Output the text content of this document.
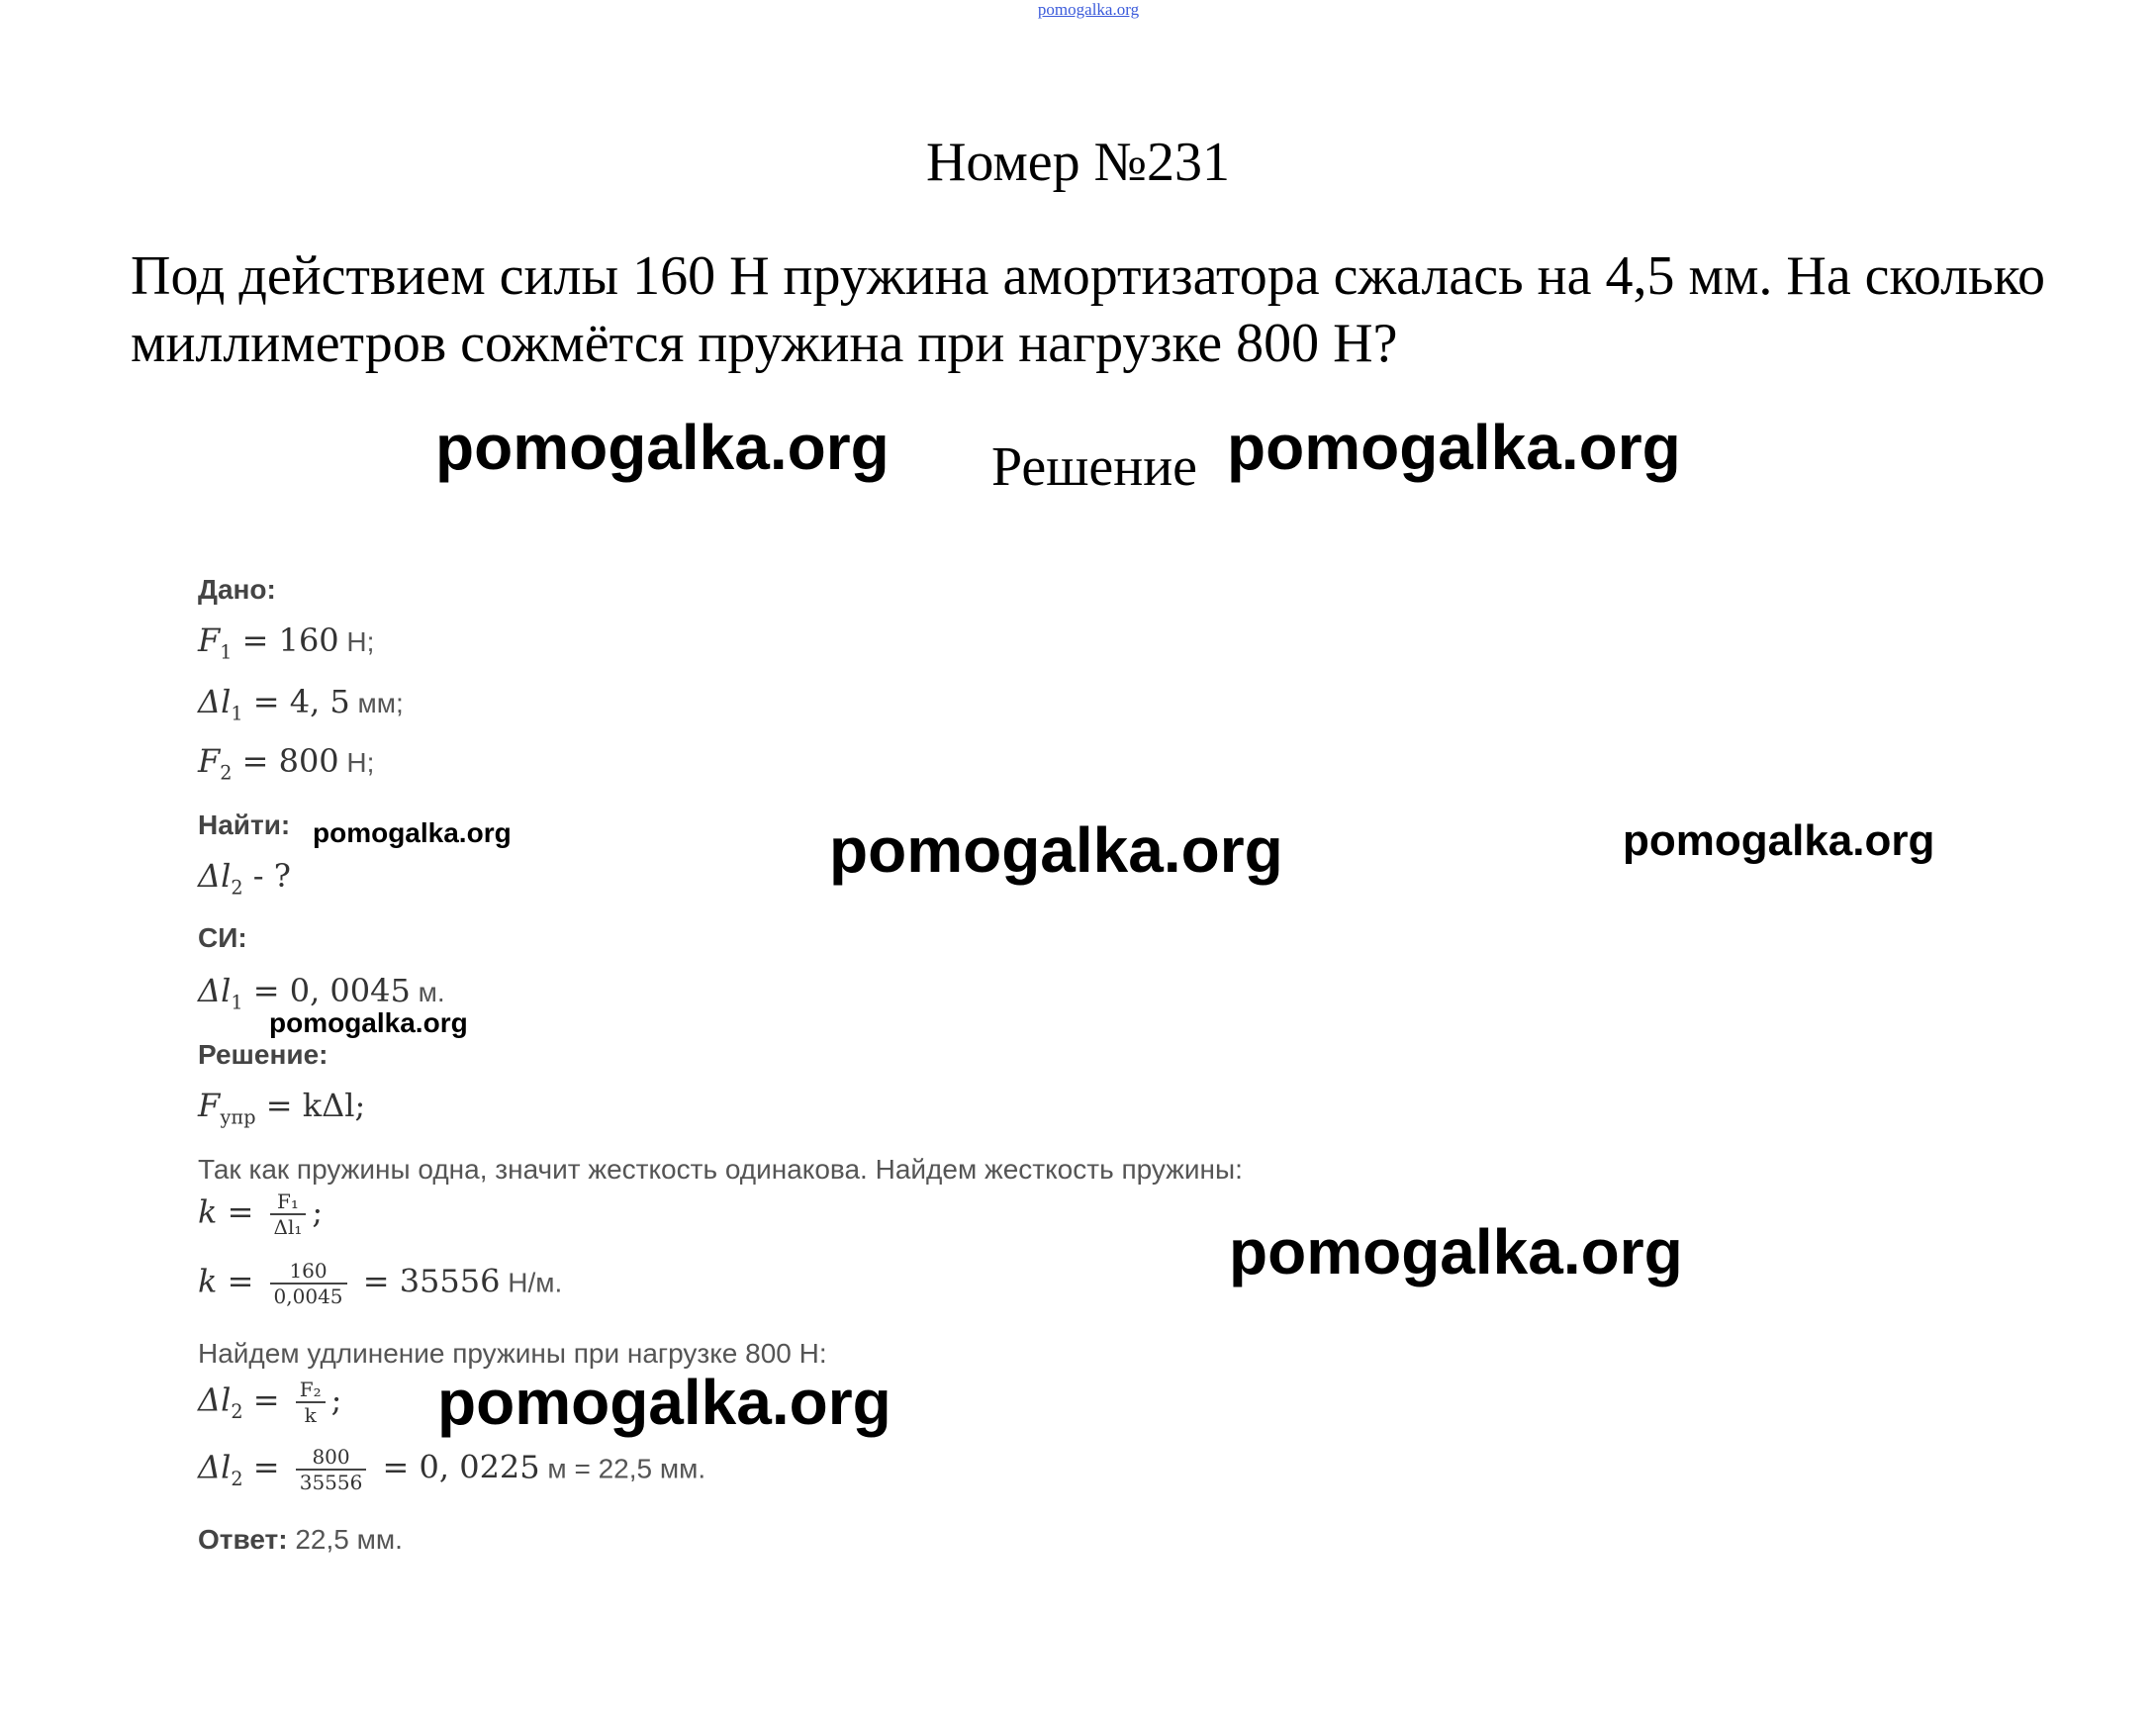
pomogalka.org
Номер №231
Под действием силы 160 Н пружина амортизатора сжалась на 4,5 мм. На сколько миллиметров сожмётся пружина при нагрузке 800 Н?
Решение
pomogalka.org	pomogalka.org
pomogalka.org	pomogalka.org
pomogalka.org
pomogalka.org
pomogalka.org
pomogalka.org
Дано:
$F_1 = 160$ Н;
$\Delta l_1 = 4$, 5 мм;
$F_2 = 800$ Н;
Найти:
$\Delta l_2$ - ?
СИ:
$\Delta l_1 = 0$, 0045 м.
Решение:
$F_{упр} = k\Delta l$;
Так как пружины одна, значит жесткость одинакова. Найдем жесткость пружины:
$k = \frac{\text{F₁}}{\text{Δl₁}}$ ;
$k = \frac{160}{0,0045} = 35556$ Н/м.
Найдем удлинение пружины при нагрузке 800 Н:
$\Delta l_2 = \frac{\text{F₂}}{k}$ ;
$\Delta l_2 = \frac{800}{35556} = 0$, 0225 м = 22,5 мм.
Ответ: 22,5 мм.
